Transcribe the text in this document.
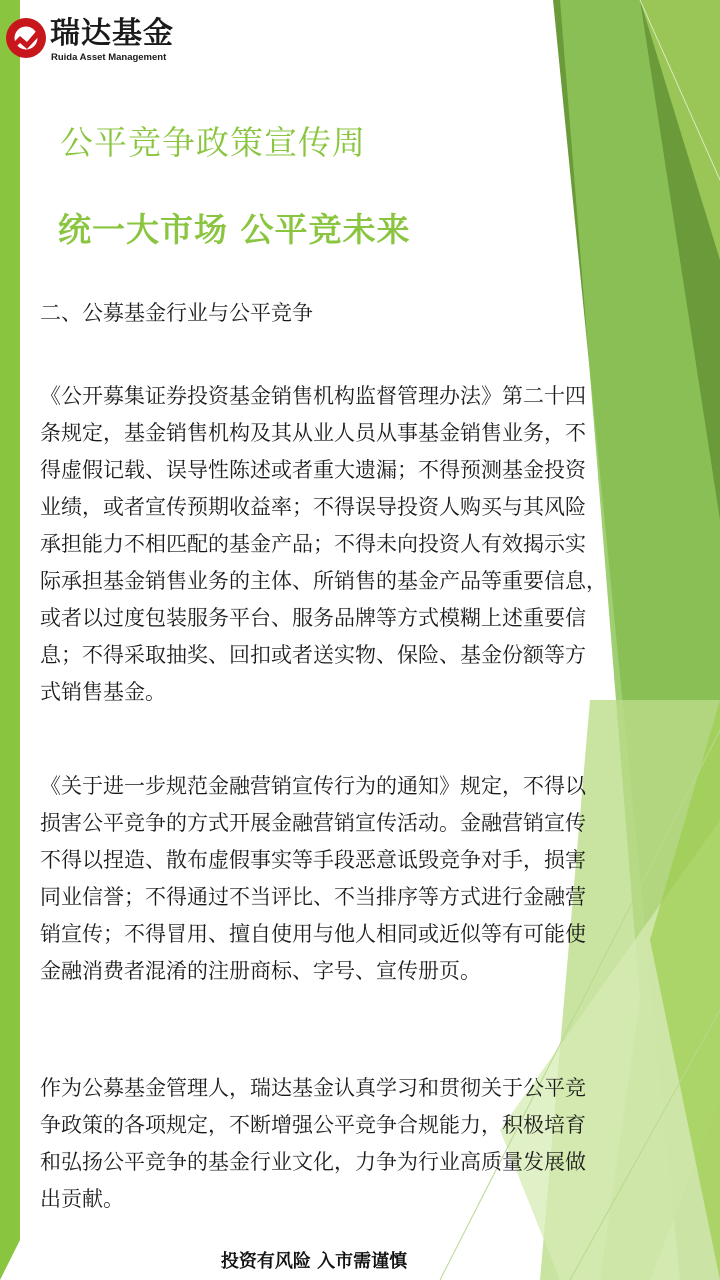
瑞达基金
Ruida Asset Management
公平竞争政策宣传周
统一大市场 公平竞未来
二、公募基金行业与公平竞争
《公开募集证券投资基金销售机构监督管理办法》第二十四
条规定，基金销售机构及其从业人员从事基金销售业务，不
得虚假记载、误导性陈述或者重大遗漏；不得预测基金投资
业绩，或者宣传预期收益率；不得误导投资人购买与其风险
承担能力不相匹配的基金产品；不得未向投资人有效揭示实
际承担基金销售业务的主体、所销售的基金产品等重要信息，
或者以过度包装服务平台、服务品牌等方式模糊上述重要信
息；不得采取抽奖、回扣或者送实物、保险、基金份额等方
式销售基金。
《关于进一步规范金融营销宣传行为的通知》规定，不得以
损害公平竞争的方式开展金融营销宣传活动。金融营销宣传
不得以捏造、散布虚假事实等手段恶意诋毁竞争对手，损害
同业信誉；不得通过不当评比、不当排序等方式进行金融营
销宣传；不得冒用、擅自使用与他人相同或近似等有可能使
金融消费者混淆的注册商标、字号、宣传册页。
作为公募基金管理人，瑞达基金认真学习和贯彻关于公平竞
争政策的各项规定，不断增强公平竞争合规能力，积极培育
和弘扬公平竞争的基金行业文化，力争为行业高质量发展做
出贡献。
投资有风险 入市需谨慎
